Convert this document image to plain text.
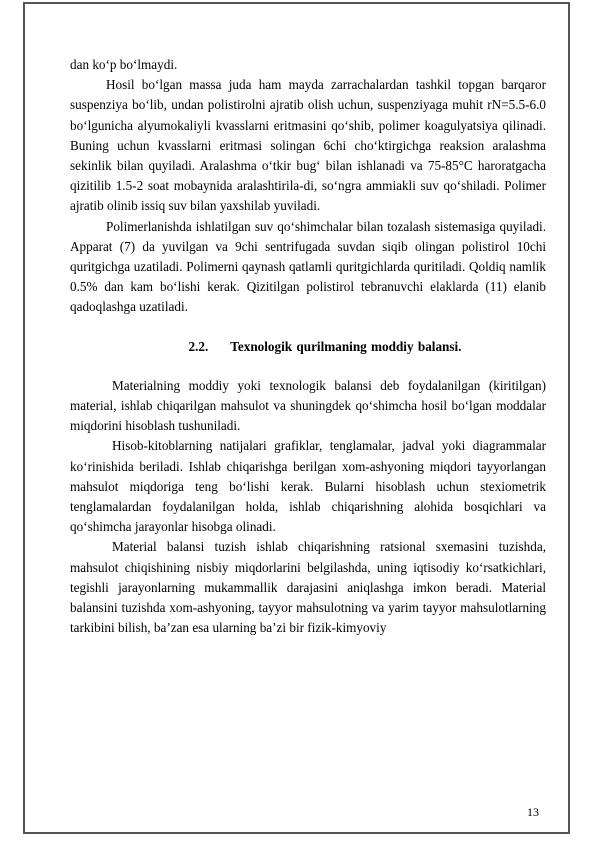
dan ko‘p bo‘lmaydi.

Hosil bo‘lgan massa juda ham mayda zarrachalardan tashkil topgan barqaror suspenziya bo‘lib, undan polistirolni ajratib olish uchun, suspenziyaga muhit rN=5.5-6.0 bo‘lgunicha alyumokaliyli kvasslarni eritmasini qo‘shib, polimer koagulyatsiya qilinadi. Buning uchun kvasslarni eritmasi solingan 6chi cho‘ktirgichga reaksion aralashma sekinlik bilan quyiladi. Aralashma o‘tkir bug‘ bilan ishlanadi va 75-85°C haroratgacha qizitilib 1.5-2 soat mobaynida aralashtirila-di, so‘ngra ammiakli suv qo‘shiladi. Polimer ajratib olinib issiq suv bilan yaxshilab yuviladi.

Polimerlanishda ishlatilgan suv qo‘shimchalar bilan tozalash sistemasiga quyiladi. Apparat (7) da yuvilgan va 9chi sentrifugada suvdan siqib olingan polistirol 10chi quritgichga uzatiladi. Polimerni qaynash qatlamli quritgichlarda quritiladi. Qoldiq namlik 0.5% dan kam bo‘lishi kerak. Qizitilgan polistirol tebranuvchi elaklarda (11) elanib qadoqlashga uzatiladi.

2.2. Texnologik qurilmaning moddiy balansi.

Materialning moddiy yoki texnologik balansi deb foydalanilgan (kiritilgan) material, ishlab chiqarilgan mahsulot va shuningdek qo‘shimcha hosil bo‘lgan moddalar miqdorini hisoblash tushuniladi.

Hisob-kitoblarning natijalari grafiklar, tenglamalar, jadval yoki diagrammalar ko‘rinishida beriladi. Ishlab chiqarishga berilgan xom-ashyoning miqdori tayyorlangan mahsulot miqdoriga teng bo‘lishi kerak. Bularni hisoblash uchun stexiometrik tenglamalardan foydalanilgan holda, ishlab chiqarishning alohida bosqichlari va qo‘shimcha jarayonlar hisobga olinadi.

Material balansi tuzish ishlab chiqarishning ratsional sxemasini tuzishda, mahsulot chiqishining nisbiy miqdorlarini belgilashda, uning iqtisodiy ko‘rsatkichlari, tegishli jarayonlarning mukammallik darajasini aniqlashga imkon beradi. Material balansini tuzishda xom-ashyoning, tayyor mahsulotning va yarim tayyor mahsulotlarning tarkibini bilish, ba’zan esa ularning ba’zi bir fizik-kimyoviy

13
